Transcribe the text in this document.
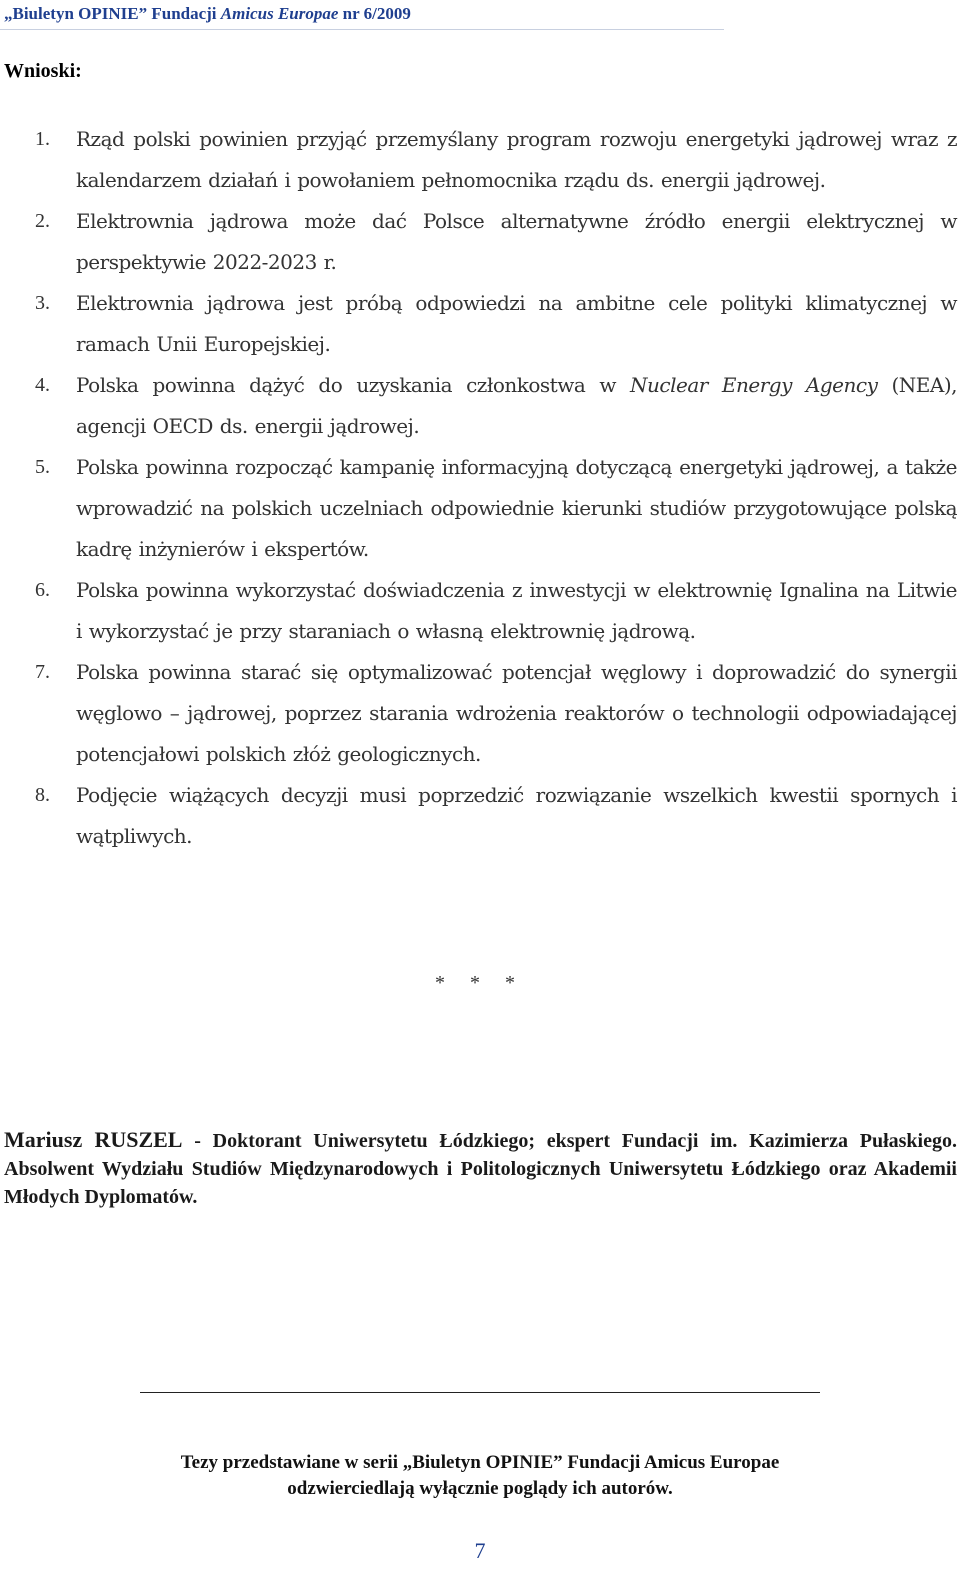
„Biuletyn OPINIE” Fundacji Amicus Europae nr 6/2009
Wnioski:
1. Rząd polski powinien przyjąć przemyślany program rozwoju energetyki jądrowej wraz z kalendarzem działań i powołaniem pełnomocnika rządu ds. energii jądrowej.
2. Elektrownia jądrowa może dać Polsce alternatywne źródło energii elektrycznej w perspektywie 2022-2023 r.
3. Elektrownia jądrowa jest próbą odpowiedzi na ambitne cele polityki klimatycznej w ramach Unii Europejskiej.
4. Polska powinna dążyć do uzyskania członkostwa w Nuclear Energy Agency (NEA), agencji OECD ds. energii jądrowej.
5. Polska powinna rozpocząć kampanię informacyjną dotyczącą energetyki jądrowej, a także wprowadzić na polskich uczelniach odpowiednie kierunki studiów przygotowujące polską kadrę inżynierów i ekspertów.
6. Polska powinna wykorzystać doświadczenia z inwestycji w elektrownię Ignalina na Litwie i wykorzystać je przy staraniach o własną elektrownię jądrową.
7. Polska powinna starać się optymalizować potencjał węglowy i doprowadzić do synergii węglowo – jądrowej, poprzez starania wdrożenia reaktorów o technologii odpowiadającej potencjałowi polskich złóż geologicznych.
8. Podjęcie wiążących decyzji musi poprzedzić rozwiązanie wszelkich kwestii spornych i wątpliwych.
* * *
Mariusz RUSZEL - Doktorant Uniwersytetu Łódzkiego; ekspert Fundacji im. Kazimierza Pułaskiego. Absolwent Wydziału Studiów Międzynarodowych i Politologicznych Uniwersytetu Łódzkiego oraz Akademii Młodych Dyplomatów.
Tezy przedstawiane w serii „Biuletyn OPINIE” Fundacji Amicus Europae
odzwierciedlają wyłącznie poglądy ich autorów.
7
